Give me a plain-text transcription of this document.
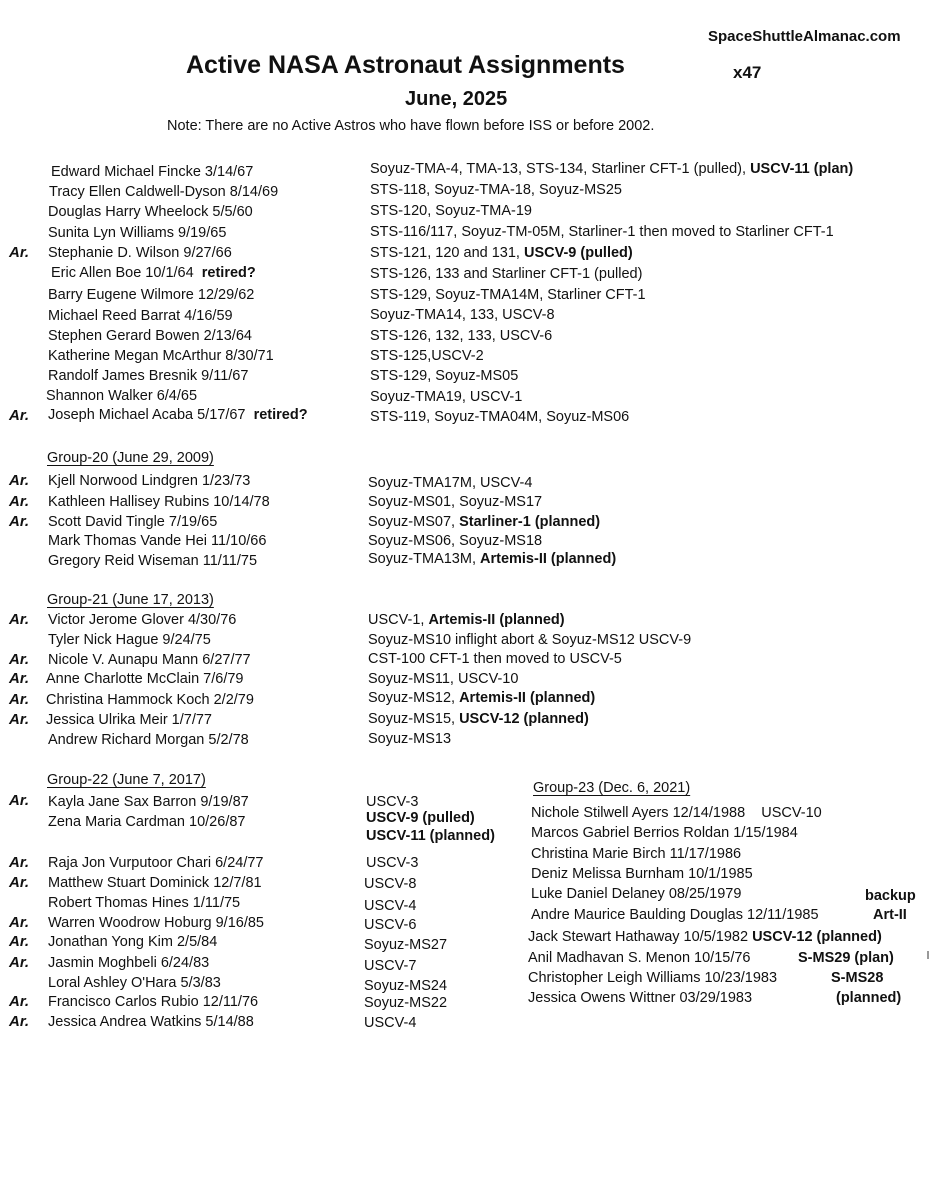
SpaceShuttleAlmanac.com
Active NASA Astronaut Assignments	x47
June, 2025
Note: There are no Active Astros who have flown before ISS or before 2002.
Edward Michael Fincke 3/14/67	Soyuz-TMA-4, TMA-13, STS-134, Starliner CFT-1 (pulled), USCV-11 (plan)
Tracy Ellen Caldwell-Dyson 8/14/69	STS-118, Soyuz-TMA-18, Soyuz-MS25
Douglas Harry Wheelock 5/5/60	STS-120, Soyuz-TMA-19
Sunita Lyn Williams 9/19/65	STS-116/117, Soyuz-TM-05M, Starliner-1 then moved to Starliner CFT-1
Ar. Stephanie D. Wilson 9/27/66	STS-121, 120 and 131, USCV-9 (pulled)
Eric Allen Boe 10/1/64 retired?	STS-126, 133 and Starliner CFT-1 (pulled)
Barry Eugene Wilmore 12/29/62	STS-129, Soyuz-TMA14M, Starliner CFT-1
Michael Reed Barrat 4/16/59	Soyuz-TMA14, 133, USCV-8
Stephen Gerard Bowen 2/13/64	STS-126, 132, 133, USCV-6
Katherine Megan McArthur 8/30/71	STS-125,USCV-2
Randolf James Bresnik 9/11/67	STS-129, Soyuz-MS05
Shannon Walker 6/4/65	Soyuz-TMA19, USCV-1
Ar. Joseph Michael Acaba 5/17/67 retired?	STS-119, Soyuz-TMA04M, Soyuz-MS06
Group-20 (June 29, 2009)
Ar. Kjell Norwood Lindgren 1/23/73	Soyuz-TMA17M, USCV-4
Ar. Kathleen Hallisey Rubins 10/14/78	Soyuz-MS01, Soyuz-MS17
Ar. Scott David Tingle 7/19/65	Soyuz-MS07, Starliner-1 (planned)
Mark Thomas Vande Hei 11/10/66	Soyuz-MS06, Soyuz-MS18
Gregory Reid Wiseman 11/11/75	Soyuz-TMA13M, Artemis-II (planned)
Group-21 (June 17, 2013)
Ar. Victor Jerome Glover 4/30/76	USCV-1, Artemis-II (planned)
Tyler Nick Hague 9/24/75	Soyuz-MS10 inflight abort & Soyuz-MS12 USCV-9
Ar. Nicole V. Aunapu Mann 6/27/77	CST-100 CFT-1 then moved to USCV-5
Ar. Anne Charlotte McClain 7/6/79	Soyuz-MS11, USCV-10
Ar. Christina Hammock Koch 2/2/79	Soyuz-MS12, Artemis-II (planned)
Ar. Jessica Ulrika Meir 1/7/77	Soyuz-MS15, USCV-12 (planned)
Andrew Richard Morgan 5/2/78	Soyuz-MS13
Group-22 (June 7, 2017)
Ar. Kayla Jane Sax Barron 9/19/87	USCV-3
Zena Maria Cardman 10/26/87	USCV-9 (pulled)
USCV-11 (planned)
Ar. Raja Jon Vurputoor Chari 6/24/77	USCV-3
Ar. Matthew Stuart Dominick 12/7/81	USCV-8
Robert Thomas Hines 1/11/75	USCV-4
Ar. Warren Woodrow Hoburg 9/16/85	USCV-6
Ar. Jonathan Yong Kim 2/5/84	Soyuz-MS27
Ar. Jasmin Moghbeli 6/24/83	USCV-7
Loral Ashley O'Hara 5/3/83	Soyuz-MS24
Ar. Francisco Carlos Rubio 12/11/76	Soyuz-MS22
Ar. Jessica Andrea Watkins 5/14/88	USCV-4
Group-23 (Dec. 6, 2021)
Nichole Stilwell Ayers 12/14/1988 USCV-10
Marcos Gabriel Berrios Roldan 1/15/1984
Christina Marie Birch 11/17/1986
Deniz Melissa Burnham 10/1/1985
Luke Daniel Delaney 08/25/1979	backup
Andre Maurice Baulding Douglas 12/11/1985	Art-II
Jack Stewart Hathaway 10/5/1982 USCV-12 (planned)
Anil Madhavan S. Menon 10/15/76	S-MS29 (plan)
Christopher Leigh Williams 10/23/1983	S-MS28
Jessica Owens Wittner 03/29/1983	(planned)
